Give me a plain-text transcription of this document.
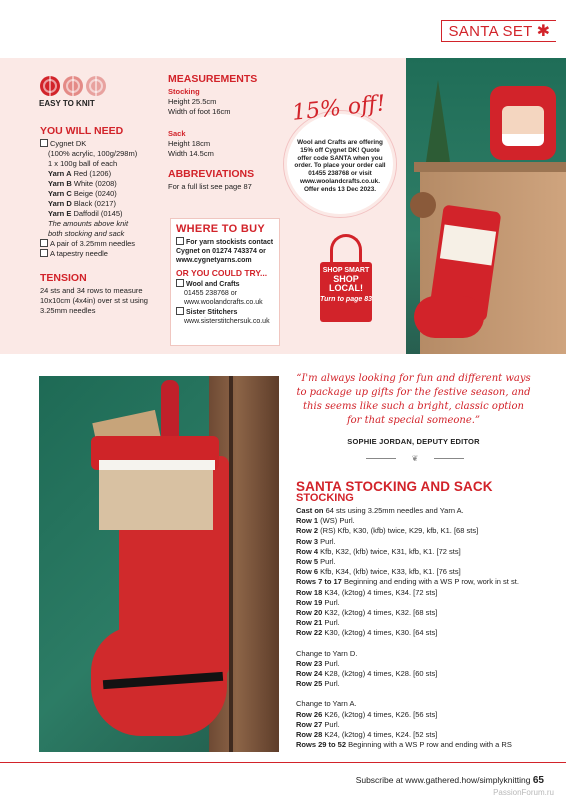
SANTA SET ✱
EASY TO KNIT
YOU WILL NEED
Cygnet DK
(100% acrylic, 100g/298m)
1 x 100g ball of each
Yarn A Red (1206)
Yarn B White (0208)
Yarn C Beige (0240)
Yarn D Black (0217)
Yarn E Daffodil (0145)
The amounts above knit both stocking and sack
A pair of 3.25mm needles
A tapestry needle
TENSION
24 sts and 34 rows to measure 10x10cm (4x4in) over st st using 3.25mm needles
MEASUREMENTS
Stocking
Height 25.5cm
Width of foot 16cm
Sack
Height 18cm
Width 14.5cm
ABBREVIATIONS
For a full list see page 87
WHERE TO BUY

For yarn stockists contact Cygnet on 01274 743374 or www.cygnetyarns.com

OR YOU COULD TRY...

Wool and Crafts

01455 238768 or www.woolandcrafts.co.uk

Sister Stitchers

www.sisterstitchersuk.co.uk

Wool and Crafts are offering 15% off Cygnet DK! Quote offer code SANTA when you order. To place your order call 01455 238768 or visit www.woolandcrafts.co.uk. Offer ends 13 Dec 2023.

15% off!
SHOP SMART
SHOP LOCAL!
Turn to page 83
“I'm always looking for fun and different ways to package up gifts for the festive season, and this seems like such a bright, classic option for that special someone.”
SOPHIE JORDAN, DEPUTY EDITOR
❦
SANTA STOCKING AND SACK
STOCKING
Cast on 64 sts using 3.25mm needles and Yarn A.
Row 1 (WS) Purl.
Row 2 (RS) Kfb, K30, (kfb) twice, K29, kfb, K1. [68 sts]
Row 3 Purl.
Row 4 Kfb, K32, (kfb) twice, K31, kfb, K1. [72 sts]
Row 5 Purl.
Row 6 Kfb, K34, (kfb) twice, K33, kfb, K1. [76 sts]
Rows 7 to 17 Beginning and ending with a WS P row, work in st st.
Row 18 K34, (k2tog) 4 times, K34. [72 sts]
Row 19 Purl.
Row 20 K32, (k2tog) 4 times, K32. [68 sts]
Row 21 Purl.
Row 22 K30, (k2tog) 4 times, K30. [64 sts]
Change to Yarn D.
Row 23 Purl.
Row 24 K28, (k2tog) 4 times, K28. [60 sts]
Row 25 Purl.
Change to Yarn A.
Row 26 K26, (k2tog) 4 times, K26. [56 sts]
Row 27 Purl.
Row 28 K24, (k2tog) 4 times, K24. [52 sts]
Rows 29 to 52 Beginning with a WS P row and ending with a RS
Subscribe at www.gathered.how/simplyknitting 65
PassionForum.ru
